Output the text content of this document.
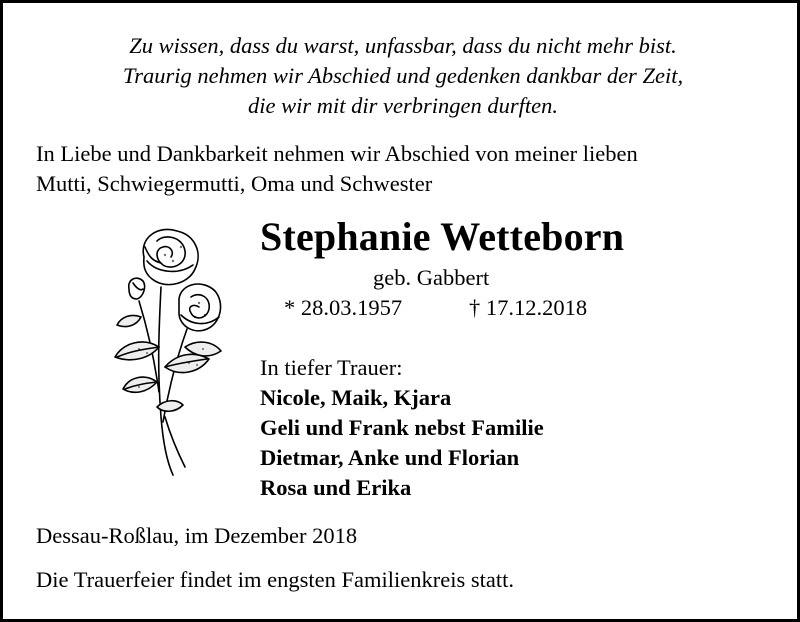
Zu wissen, dass du warst, unfassbar, dass du nicht mehr bist.
Traurig nehmen wir Abschied und gedenken dankbar der Zeit,
die wir mit dir verbringen durften.
In Liebe und Dankbarkeit nehmen wir Abschied von meiner lieben
Mutti, Schwiegermutti, Oma und Schwester
Stephanie Wetteborn
geb. Gabbert
* 28.03.1957	† 17.12.2018
In tiefer Trauer:
Nicole, Maik, Kjara
Geli und Frank nebst Familie
Dietmar, Anke und Florian
Rosa und Erika
Dessau-Roßlau, im Dezember 2018
Die Trauerfeier findet im engsten Familienkreis statt.
